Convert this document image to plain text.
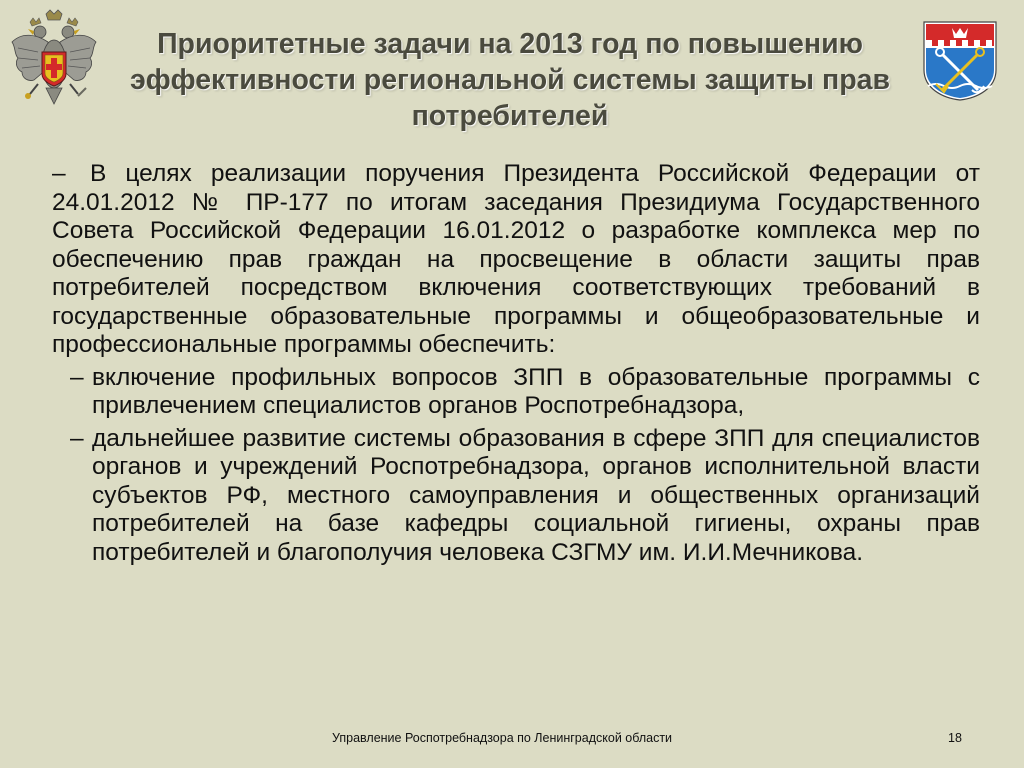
Приоритетные задачи на 2013 год по повышению эффективности региональной системы защиты прав потребителей
– В целях реализации поручения Президента Российской Федерации от 24.01.2012 № ПР-177 по итогам заседания Президиума Государственного Совета Российской Федерации 16.01.2012 о разработке комплекса мер по обеспечению прав граждан на просвещение в области защиты прав потребителей посредством включения соответствующих требований в государственные образовательные программы и общеобразовательные и профессиональные программы обеспечить:
– включение профильных вопросов ЗПП в образовательные программы с привлечением специалистов органов Роспотребнадзора,
– дальнейшее развитие системы образования в сфере ЗПП для специалистов органов и учреждений Роспотребнадзора, органов исполнительной власти субъектов РФ, местного самоуправления и общественных организаций потребителей на базе кафедры социальной гигиены, охраны прав потребителей и благополучия человека СЗГМУ им. И.И.Мечникова.
Управление Роспотребнадзора по Ленинградской области	18
